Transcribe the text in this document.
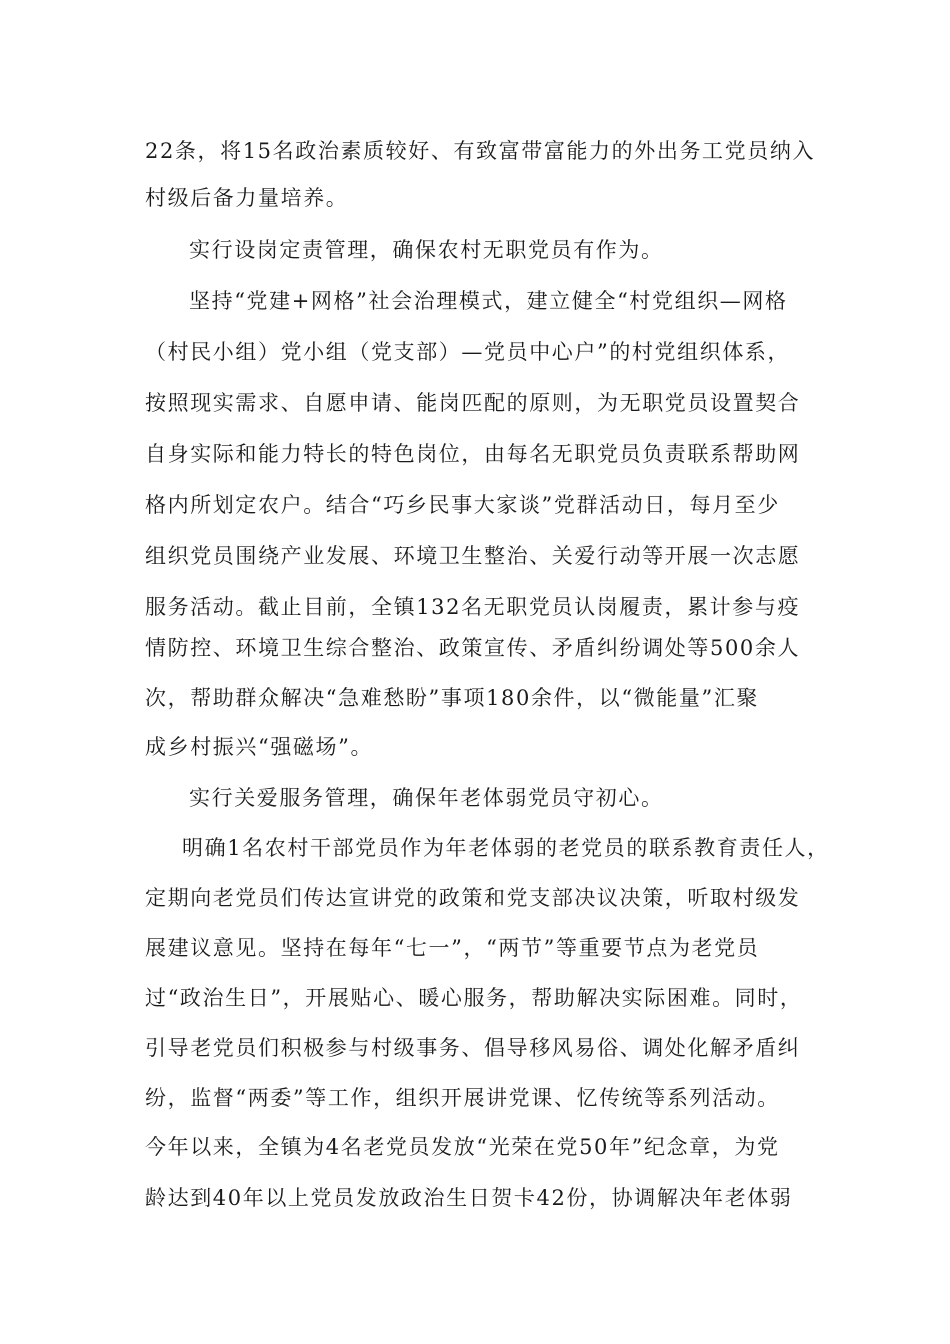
22条，将15名政治素质较好、有致富带富能力的外出务工党员纳入
村级后备力量培养。
实行设岗定责管理，确保农村无职党员有作为。
坚持“党建+网格”社会治理模式，建立健全“村党组织—网格
（村民小组）党小组（党支部）—党员中心户”的村党组织体系，
按照现实需求、自愿申请、能岗匹配的原则，为无职党员设置契合
自身实际和能力特长的特色岗位，由每名无职党员负责联系帮助网
格内所划定农户。结合“巧乡民事大家谈”党群活动日，每月至少
组织党员围绕产业发展、环境卫生整治、关爱行动等开展一次志愿
服务活动。截止目前，全镇132名无职党员认岗履责，累计参与疫
情防控、环境卫生综合整治、政策宣传、矛盾纠纷调处等500余人
次，帮助群众解决“急难愁盼”事项180余件，以“微能量”汇聚
成乡村振兴“强磁场”。
实行关爱服务管理，确保年老体弱党员守初心。
明确1名农村干部党员作为年老体弱的老党员的联系教育责任人，
定期向老党员们传达宣讲党的政策和党支部决议决策，听取村级发
展建议意见。坚持在每年“七一”，“两节”等重要节点为老党员
过“政治生日”，开展贴心、暖心服务，帮助解决实际困难。同时，
引导老党员们积极参与村级事务、倡导移风易俗、调处化解矛盾纠
纷，监督“两委”等工作，组织开展讲党课、忆传统等系列活动。
今年以来，全镇为4名老党员发放“光荣在党50年”纪念章，为党
龄达到40年以上党员发放政治生日贺卡42份，协调解决年老体弱
